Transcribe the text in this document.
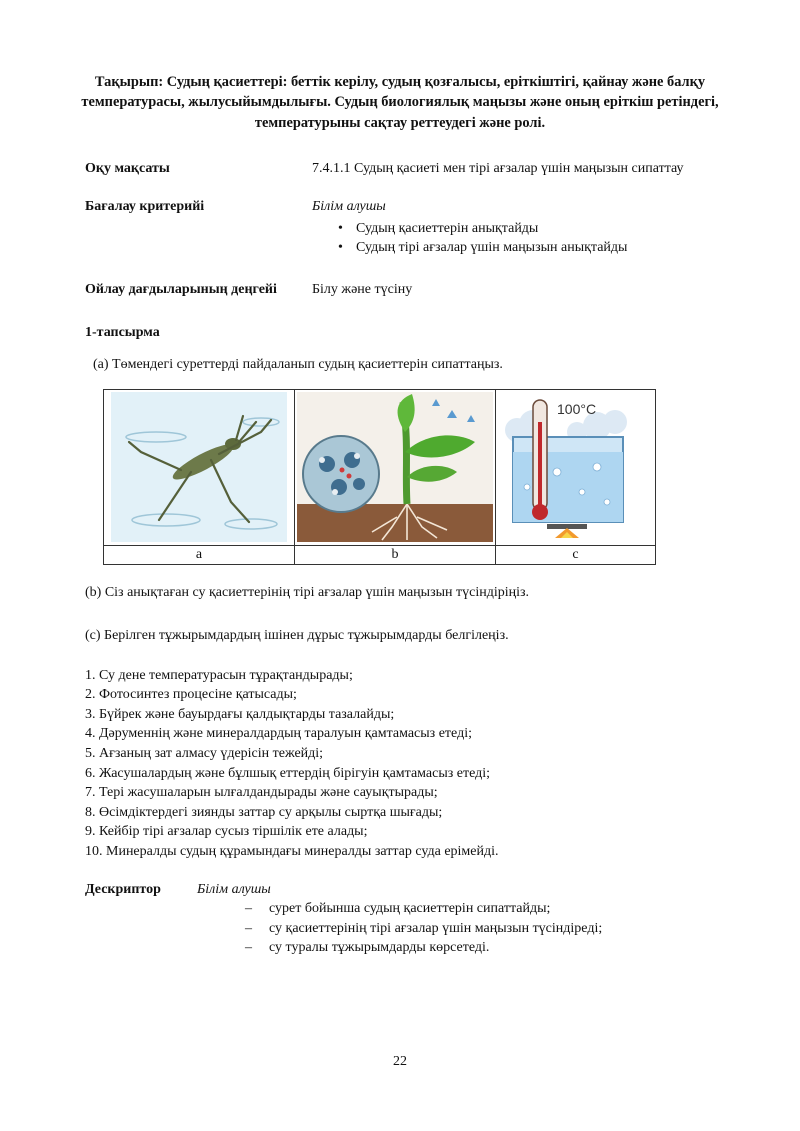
Тақырып: Судың қасиеттері: беттік керілу, судың қозғалысы, еріткіштігі, қайнау және балқу температурасы, жылусыйымдылығы. Судың биологиялық маңызы және оның еріткіш ретіндегі, температурыны сақтау реттеудегі және ролі.
Оқу мақсаты	7.4.1.1 Судың қасиеті мен тірі ағзалар үшін маңызын сипаттау
Бағалау критерийі	Білім алушы
• Судың қасиеттерін анықтайды
• Судың тірі ағзалар үшін маңызын анықтайды
Ойлау дағдыларының деңгейі	Білу және түсіну
1-тапсырма
(а) Төмендегі суреттерді пайдаланып судың қасиеттерін сипаттаңыз.

100°C

a	b	c
(b) Сіз анықтаған су қасиеттерінің тірі ағзалар үшін маңызын түсіндіріңіз.
(c) Берілген тұжырымдардың ішінен дұрыс тұжырымдарды белгілеңіз.
1. Су дене температурасын тұрақтандырады;
2. Фотосинтез процесіне қатысады;
3. Бүйрек және бауырдағы қалдықтарды тазалайды;
4. Дәруменнің және минералдардың таралуын қамтамасыз етеді;
5. Ағзаның зат алмасу үдерісін тежейді;
6. Жасушалардың және бұлшық еттердің бірігуін қамтамасыз етеді;
7. Тері жасушаларын ылғалдандырады және сауықтырады;
8. Өсімдіктердегі зиянды заттар су арқылы сыртқа шығады;
9. Кейбір тірі ағзалар сусыз тіршілік ете алады;
10. Минералды судың құрамындағы минералды заттар суда ерімейді.
Дескриптор	Білім алушы
– сурет бойынша судың қасиеттерін сипаттайды;
– су қасиеттерінің тірі ағзалар үшін маңызын түсіндіреді;
– су туралы тұжырымдарды көрсетеді.
22
